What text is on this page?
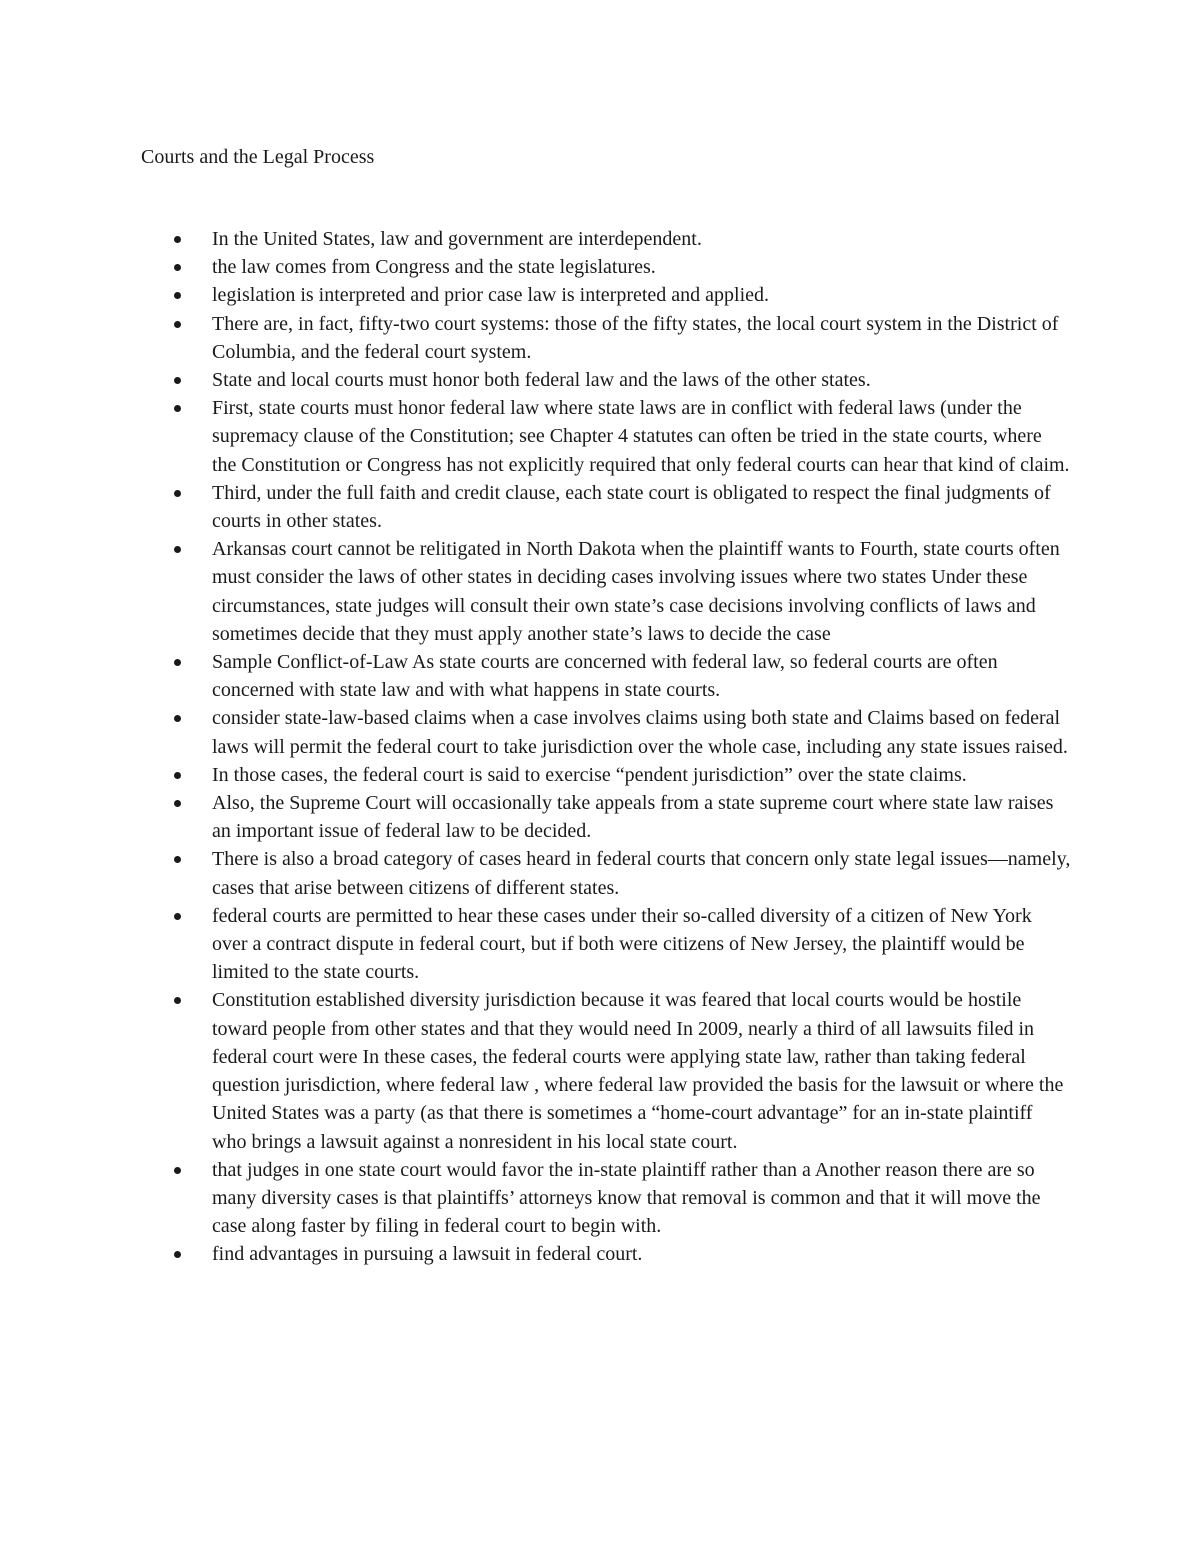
Courts and the Legal Process
In the United States, law and government are interdependent.
the law comes from Congress and the state legislatures.
legislation is interpreted and prior case law is interpreted and applied.
There are, in fact, fifty-two court systems: those of the fifty states, the local court system in the District of Columbia, and the federal court system.
State and local courts must honor both federal law and the laws of the other states.
First, state courts must honor federal law where state laws are in conflict with federal laws (under the supremacy clause of the Constitution; see Chapter 4 statutes can often be tried in the state courts, where the Constitution or Congress has not explicitly required that only federal courts can hear that kind of claim.
Third, under the full faith and credit clause, each state court is obligated to respect the final judgments of courts in other states.
Arkansas court cannot be relitigated in North Dakota when the plaintiff wants to Fourth, state courts often must consider the laws of other states in deciding cases involving issues where two states Under these circumstances, state judges will consult their own state’s case decisions involving conflicts of laws and sometimes decide that they must apply another state’s laws to decide the case
Sample Conflict-of-Law As state courts are concerned with federal law, so federal courts are often concerned with state law and with what happens in state courts.
consider state-law-based claims when a case involves claims using both state and Claims based on federal laws will permit the federal court to take jurisdiction over the whole case, including any state issues raised.
In those cases, the federal court is said to exercise “pendent jurisdiction” over the state claims.
Also, the Supreme Court will occasionally take appeals from a state supreme court where state law raises an important issue of federal law to be decided.
There is also a broad category of cases heard in federal courts that concern only state legal issues—namely, cases that arise between citizens of different states.
federal courts are permitted to hear these cases under their so-called diversity of a citizen of New York over a contract dispute in federal court, but if both were citizens of New Jersey, the plaintiff would be limited to the state courts.
Constitution established diversity jurisdiction because it was feared that local courts would be hostile toward people from other states and that they would need In 2009, nearly a third of all lawsuits filed in federal court were In these cases, the federal courts were applying state law, rather than taking federal question jurisdiction, where federal law , where federal law provided the basis for the lawsuit or where the United States was a party (as that there is sometimes a “home-court advantage” for an in-state plaintiff who brings a lawsuit against a nonresident in his local state court.
that judges in one state court would favor the in-state plaintiff rather than a Another reason there are so many diversity cases is that plaintiffs’ attorneys know that removal is common and that it will move the case along faster by filing in federal court to begin with.
find advantages in pursuing a lawsuit in federal court.
